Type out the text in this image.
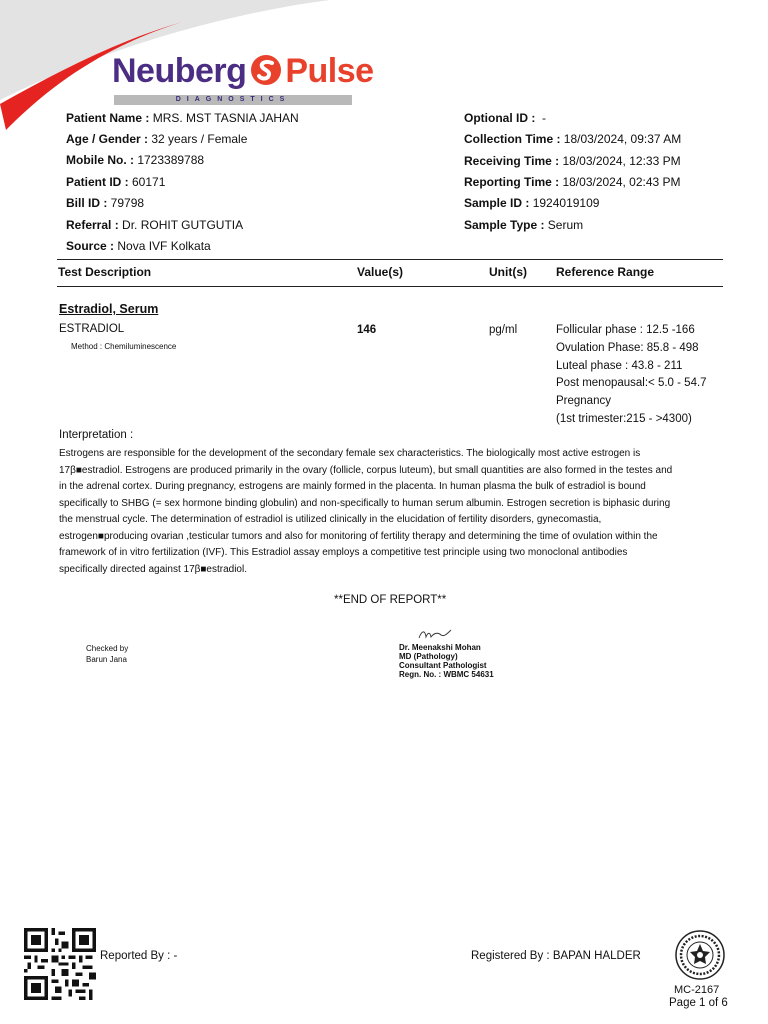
Neuberg Pulse
DIAGNOSTICS
Patient Name : MRS. MST TASNIA JAHAN
Age / Gender : 32 years / Female
Mobile No. : 1723389788
Patient ID : 60171
Bill ID : 79798
Referral : Dr. ROHIT GUTGUTIA
Source : Nova IVF Kolkata
Optional ID :  -
Collection Time : 18/03/2024, 09:37 AM
Receiving Time : 18/03/2024, 12:33 PM
Reporting Time : 18/03/2024, 02:43 PM
Sample ID : 1924019109
Sample Type : Serum
Test Description	Value(s)	Unit(s) Reference Range
Estradiol, Serum
ESTRADIOL
Method : Chemiluminescence
146	pg/ml	Follicular phase : 12.5 -166
Ovulation Phase: 85.8 - 498
Luteal phase : 43.8 - 211
Post menopausal:< 5.0 - 54.7
Pregnancy
(1st trimester:215 - >4300)
Interpretation :
Estrogens are responsible for the development of the secondary female sex characteristics. The biologically most active estrogen is
17β■estradiol. Estrogens are produced primarily in the ovary (follicle, corpus luteum), but small quantities are also formed in the testes and
in the adrenal cortex. During pregnancy, estrogens are mainly formed in the placenta. In human plasma the bulk of estradiol is bound
specifically to SHBG (= sex hormone binding globulin) and non-specifically to human serum albumin. Estrogen secretion is biphasic during
the menstrual cycle. The determination of estradiol is utilized clinically in the elucidation of fertility disorders, gynecomastia,
estrogen■producing ovarian ,testicular tumors and also for monitoring of fertility therapy and determining the time of ovulation within the
framework of in vitro fertilization (IVF). This Estradiol assay employs a competitive test principle using two monoclonal antibodies
specifically directed against 17β■estradiol.
**END OF REPORT**
Checked by
Barun Jana
Dr. Meenakshi Mohan
MD (Pathology)
Consultant Pathologist
Regn. No. : WBMC 54631
Reported By : -	Registered By : BAPAN HALDER
MC-2167
Page 1 of 6
